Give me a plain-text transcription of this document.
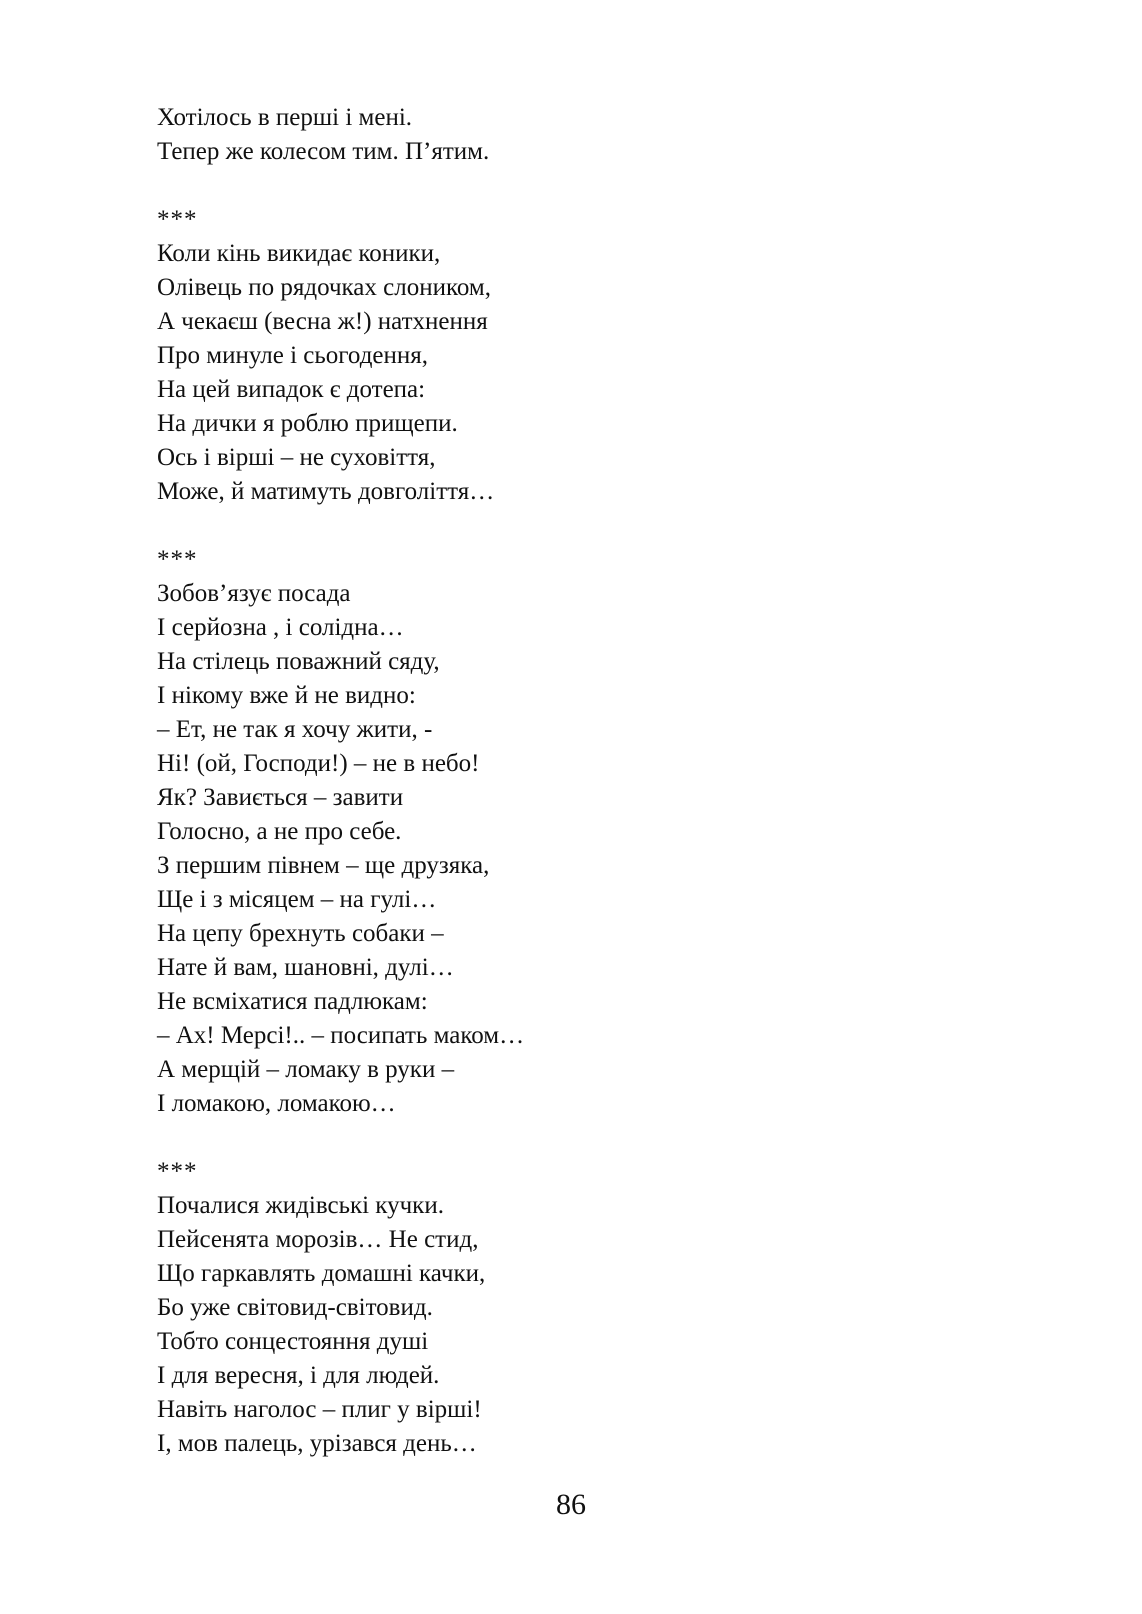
Хотілось в перші і мені.
Тепер же колесом тим. П’ятим.
***
Коли кінь викидає коники,
Олівець по рядочках слоником,
А чекаєш (весна ж!) натхнення
Про минуле і сьогодення,
На цей випадок є дотепа:
На дички я роблю прищепи.
Ось і вірші – не суховіття,
Може, й матимуть довголіття…
***
Зобов’язує посада
І серйозна , і солідна…
На стілець поважний сяду,
І нікому вже й не видно:
– Ет, не так я хочу жити, -
Ні! (ой, Господи!) – не в небо!
Як? Завиється – завити
Голосно, а не про себе.
З першим півнем – ще друзяка,
Ще і з місяцем – на гулі…
На цепу брехнуть собаки –
Нате й вам, шановні, дулі…
Не всміхатися падлюкам:
– Ах! Мерсі!.. – посипать маком…
А мерщій – ломаку в руки –
І ломакою, ломакою…
***
Почалися жидівські кучки.
Пейсенята морозів… Не стид,
Що гаркавлять домашні качки,
Бо уже світовид-світовид.
Тобто сонцестояння душі
І для вересня, і для людей.
Навіть наголос – плиг у вірші!
І, мов палець, урізався день…
86
